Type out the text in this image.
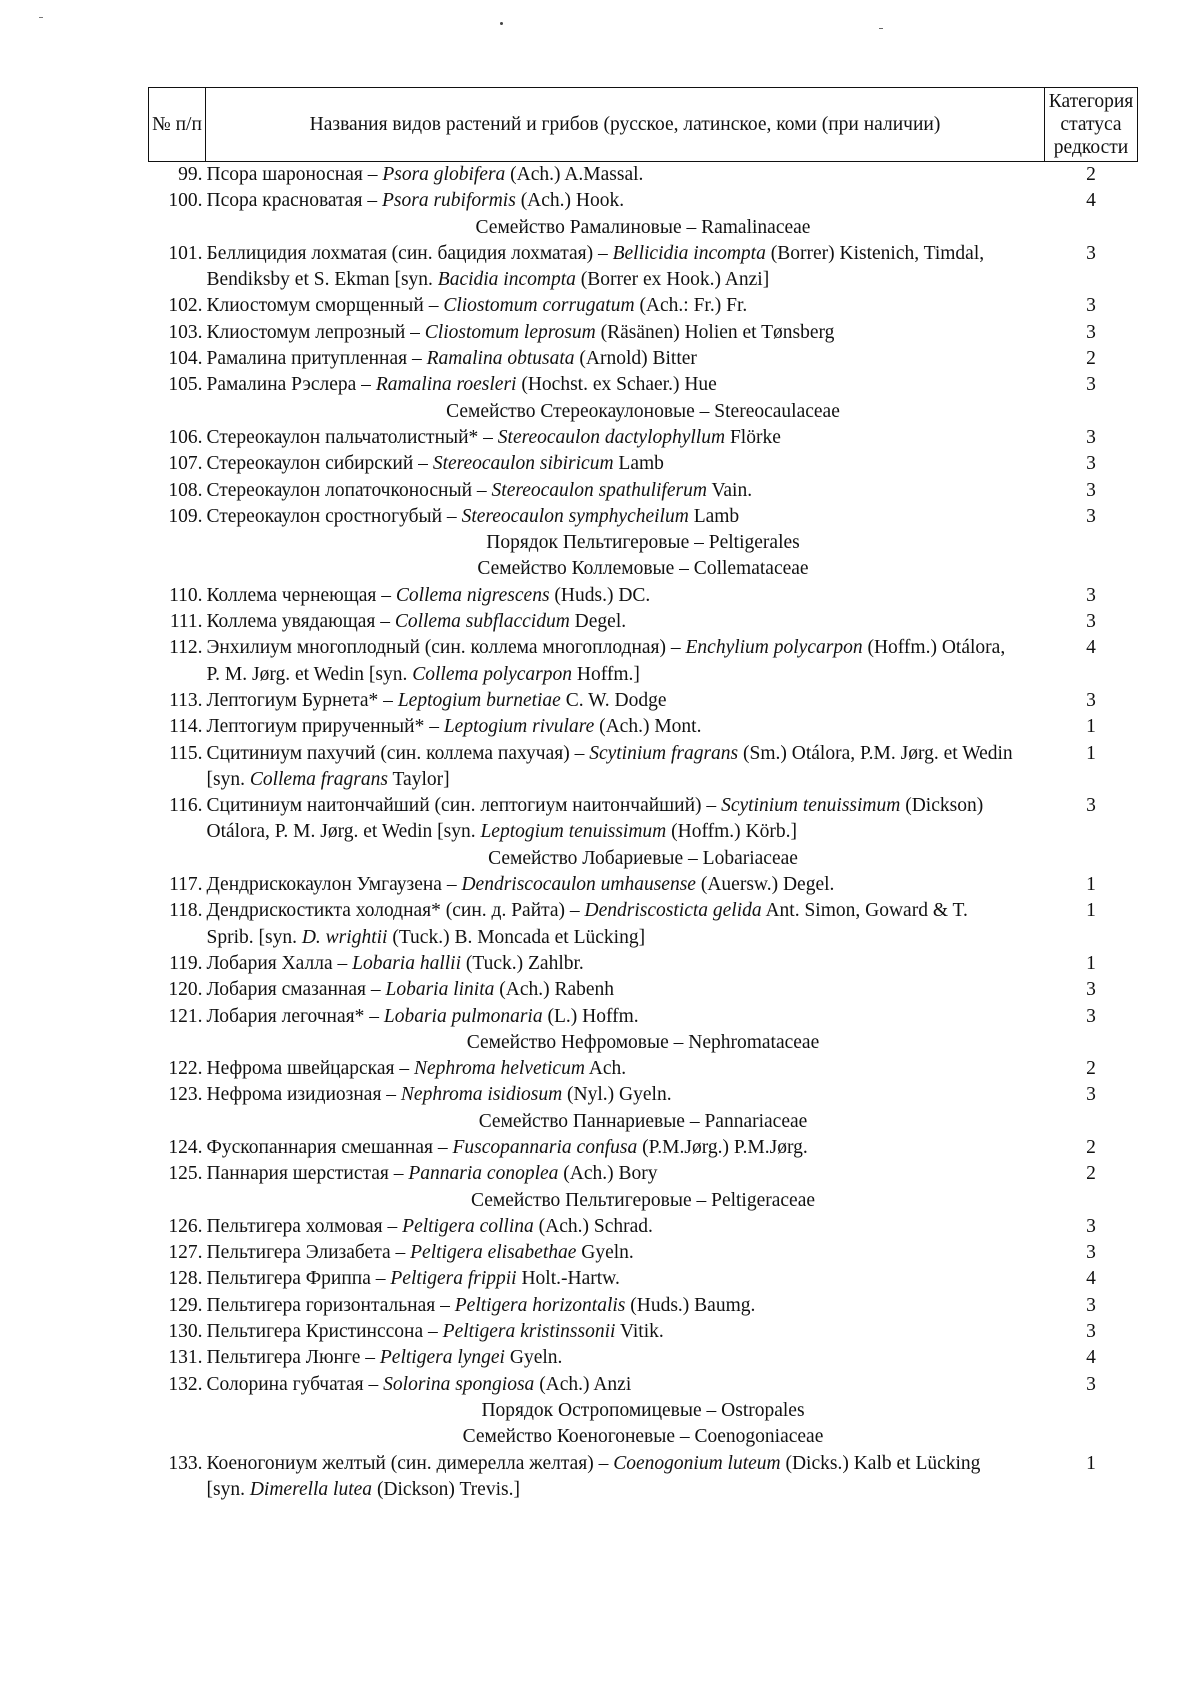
№ п/п	Названия видов растений и грибов (русское, латинское, коми (при наличии)	Категория статуса редкости
99.	Псора шароносная – Psora globifera (Ach.) A.Massal.	2
100.	Псора красноватая – Psora rubiformis (Ach.) Hook.	4
Семейство Рамалиновые – Ramalinaceae		
101.	Беллицидия лохматая (син. бацидия лохматая) – Bellicidia incompta (Borrer) Kistenich, Timdal, Bendiksby et S. Ekman [syn. Bacidia incompta (Borrer ex Hook.) Anzi]	3
102.	Клиостомум сморщенный – Cliostomum corrugatum (Ach.: Fr.) Fr.	3
103.	Клиостомум лепрозный – Cliostomum leprosum (Räsänen) Holien et Tønsberg	3
104.	Рамалина притупленная – Ramalina obtusata (Arnold) Bitter	2
105.	Рамалина Рэслера – Ramalina roesleri (Hochst. ex Schaer.) Hue	3
Семейство Стереокаулоновые – Stereocaulaceae		
106.	Стереокаулон пальчатолистный* – Stereocaulon dactylophyllum Flörke	3
107.	Стереокаулон сибирский – Stereocaulon sibiricum Lamb	3
108.	Стереокаулон лопаточконосный – Stereocaulon spathuliferum Vain.	3
109.	Стереокаулон сростногубый – Stereocaulon symphycheilum Lamb	3
Порядок Пельтигеровые – Peltigerales		
Семейство Коллемовые – Collemataceae		
110.	Коллема чернеющая – Collema nigrescens (Huds.) DC.	3
111.	Коллема увядающая – Collema subflaccidum Degel.	3
112.	Энхилиум многоплодный (син. коллема многоплодная) – Enchylium polycarpon (Hoffm.) Otálora, P. M. Jørg. et Wedin [syn. Collema polycarpon Hoffm.]	4
113.	Лептогиум Бурнета* – Leptogium burnetiae C. W. Dodge	3
114.	Лептогиум прирученный* – Leptogium rivulare (Ach.) Mont.	1
115.	Сцитиниум пахучий (син. коллема пахучая) – Scytinium fragrans (Sm.) Otálora, P.M. Jørg. et Wedin [syn. Collema fragrans Taylor]	1
116.	Сцитиниум наитончайший (син. лептогиум наитончайший) – Scytinium tenuissimum (Dickson) Otálora, P. M. Jørg. et Wedin [syn. Leptogium tenuissimum (Hoffm.) Körb.]	3
Семейство Лобариевые – Lobariaceae		
117.	Дендрискокаулон Умгаузена – Dendriscocaulon umhausense (Auersw.) Degel.	1
118.	Дендрискостикта холодная* (син. д. Райта) – Dendriscosticta gelida Ant. Simon, Goward & T. Sprib. [syn. D. wrightii (Tuck.) B. Moncada et Lücking]	1
119.	Лобария Халла – Lobaria hallii (Tuck.) Zahlbr.	1
120.	Лобария смазанная – Lobaria linita (Ach.) Rabenh	3
121.	Лобария легочная* – Lobaria pulmonaria (L.) Hoffm.	3
Семейство Нефромовые – Nephromataceae		
122.	Нефрома швейцарская – Nephroma helveticum Ach.	2
123.	Нефрома изидиозная – Nephroma isidiosum (Nyl.) Gyeln.	3
Семейство Паннариевые – Pannariaceae		
124.	Фускопаннария смешанная – Fuscopannaria confusa (P.M.Jørg.) P.M.Jørg.	2
125.	Паннария шерстистая – Pannaria conoplea (Ach.) Bory	2
Семейство Пельтигеровые – Peltigeraceae		
126.	Пельтигера холмовая – Peltigera collina (Ach.) Schrad.	3
127.	Пельтигера Элизабета – Peltigera elisabethae Gyeln.	3
128.	Пельтигера Фриппа – Peltigera frippii Holt.-Hartw.	4
129.	Пельтигера горизонтальная – Peltigera horizontalis (Huds.) Baumg.	3
130.	Пельтигера Кристинссона – Peltigera kristinssonii Vitik.	3
131.	Пельтигера Люнге – Peltigera lyngei Gyeln.	4
132.	Солорина губчатая – Solorina spongiosa (Ach.) Anzi	3
Порядок Остропомицевые – Ostropales		
Семейство Коеногоневые – Coenogoniaceae		
133.	Коеногониум желтый (син. димерелла желтая) – Coenogonium luteum (Dicks.) Kalb et Lücking [syn. Dimerella lutea (Dickson) Trevis.]	1
